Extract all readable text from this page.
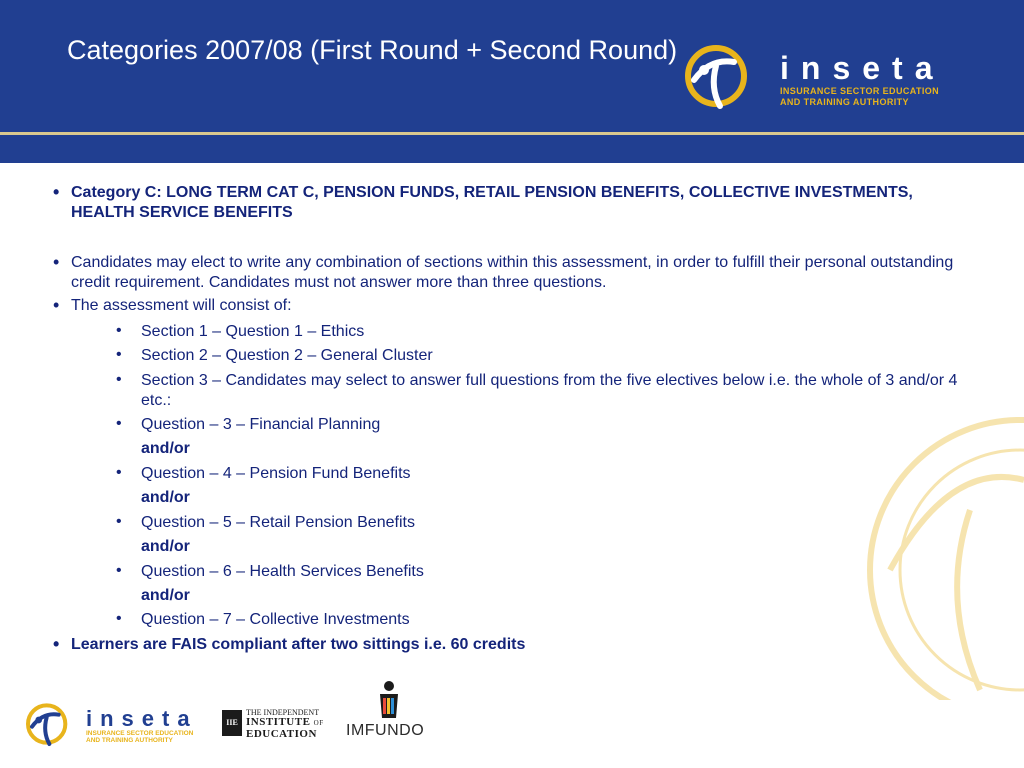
Categories 2007/08 (First Round + Second Round)	inseta
INSURANCE SECTOR EDUCATION
AND TRAINING AUTHORITY
• Category C: LONG TERM CAT C, PENSION FUNDS, RETAIL PENSION BENEFITS, COLLECTIVE INVESTMENTS, HEALTH SERVICE BENEFITS
• Candidates may elect to write any combination of sections within this assessment, in order to fulfill their personal outstanding credit requirement. Candidates must not answer more than three questions.
• The assessment will consist of:
• Section 1 – Question 1 – Ethics
• Section 2 – Question 2 – General Cluster
• Section 3 – Candidates may select to answer full questions from the five electives below i.e. the whole of 3 and/or 4 etc.:
• Question – 3 – Financial Planning
and/or
• Question – 4 – Pension Fund Benefits
and/or
• Question – 5 – Retail Pension Benefits
and/or
• Question – 6 – Health Services Benefits
and/or
• Question – 7 – Collective Investments
• Learners are FAIS compliant after two sittings i.e. 60 credits
inseta
INSURANCE SECTOR EDUCATION
AND TRAINING AUTHORITY
IIE
THE INDEPENDENT
INSTITUTE OF
EDUCATION	IMFUNDO
